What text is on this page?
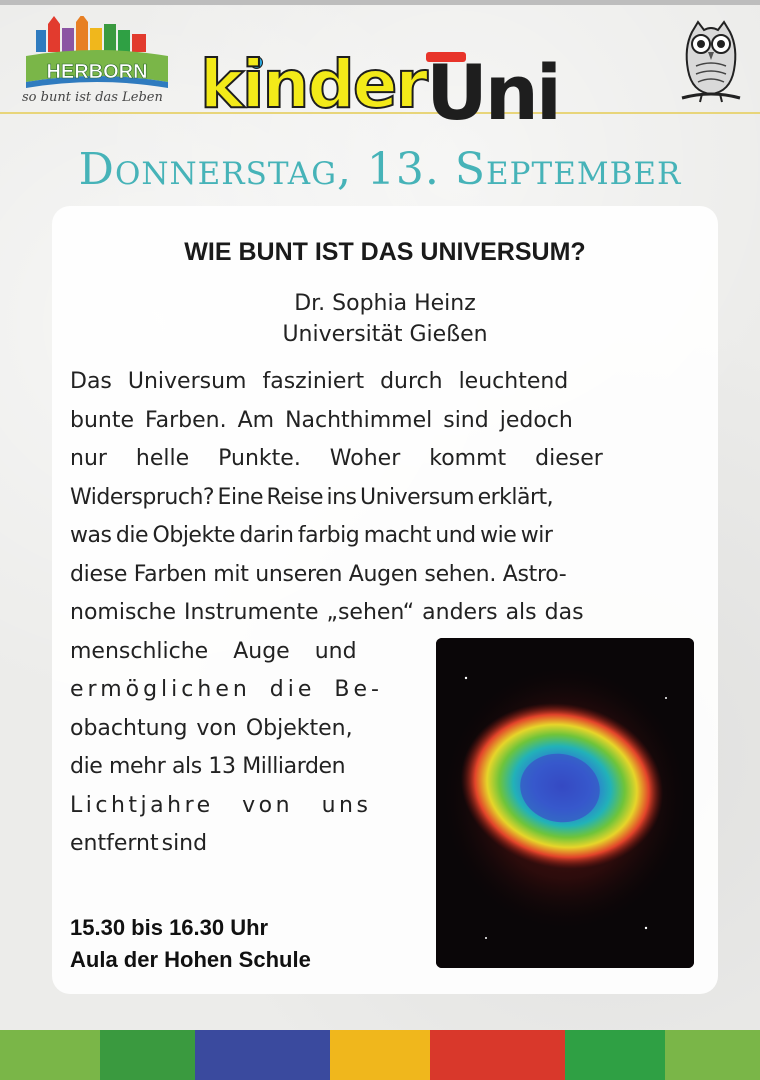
HERBORN
so bunt ist das Leben kinderUni
Donnerstag, 13. September
WIE BUNT IST DAS UNIVERSUM?
Dr. Sophia Heinz
Universität Gießen
Das Universum fasziniert durch leuchtend
bunte Farben. Am Nachthimmel sind jedoch
nur helle Punkte. Woher kommt dieser
Widerspruch? Eine Reise ins Universum erklärt,
was die Objekte darin farbig macht und wie wir
diese Farben mit unseren Augen sehen. Astro-
nomische Instrumente „sehen“ anders als das
menschliche Auge und
ermöglichen die Be-
obachtung von Objekten,
die mehr als 13 Milliarden
Lichtjahre von uns
entfernt sind
15.30 bis 16.30 Uhr
Aula der Hohen Schule
